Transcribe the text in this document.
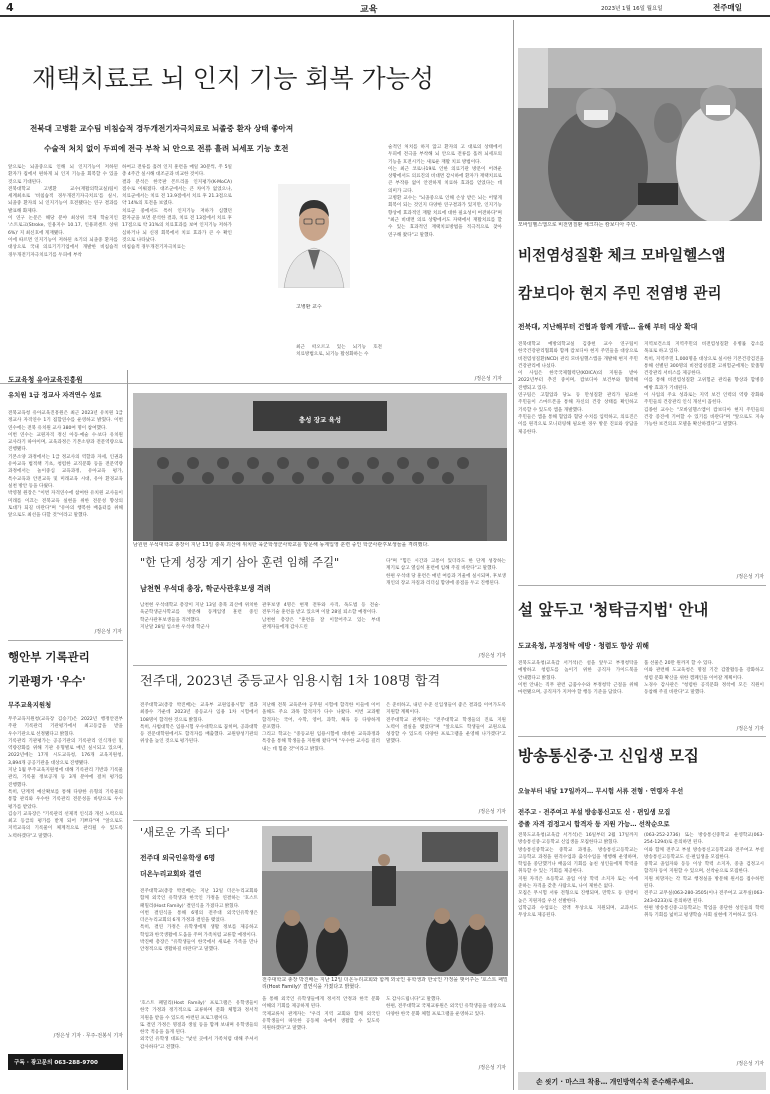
4	교육	2023년 1월 16일 월요일	전주매일
재택치료로 뇌 인지 기능 회복 가능성
전북대 고병환 교수팀 비침습적 경두개전기자극치료로 뇌졸중 환자 상태 좋아져
수술적 처치 없이 두피에 전극 부착 뇌 안으로 전류 흘려 뇌세포 기능 호전
앞으로는 뇌졸중으로 인해 뇌 인지기능이 저하된 환자가 집에서 편하게 뇌 인지 기능을 회복할 수 있을 것으로 기대된다.
전북대학교 고병환 교수(재활의학교실)팀이 세계최초로 '비침습적 경두개전기자극치료'를 실시, 뇌졸중 환자의 뇌 인지기능이 호전됐다는 연구 결과를 발표해 화제다.
이 연구 논문은 해당 분야 최상위 국제 학술지인 '스트로크(Stroke, 인용지수 10.17, 인용퍼센트 상위 6%)' 지 최신호에 게재됐다.
이에 따르면 인지기능이 저하된 초기의 뇌졸중 환자를 대상으로 국내 의료기기기업에서 개발한 비침습적 경두개전기자극치료기를 두피에 부착
하여고 전류를 흘려 인지 훈련을 매일 30분씩, 주 5일 총 4주간 실시해 대조군과 비교한 것이다.
결과 분석은 한국판 몬트리올 인지평가(K-MoCA) 점수로 이뤄졌다. 대조군에서는 큰 차이가 없었으나, 치료군에서는 치료 전 13.9점에서 치료 후 21.3점으로 약 14%의 호전을 보였다.
치료군 중에서도 특히 인지기능 저하가 심했던 환자군을 보면 분석한 결과, 치료 전 13점에서 치료 후 17점으로 약 31%의 치료효과를 보여 인지기능 저하가 심하거나 뇌 신경 회복에서 치료 효과가 큰 수 확인 것으로 나타났다.
비침습적 경두개전기자극치료는
고병환 교수
최근 떠오르고 있는 뇌기능 호전 치료방법으로, 뇌기능 활성화하는 수
술적인 처치를 하지 않고 환자의 고 대로의 상태에서 두피에 전극을 부착해 뇌 안으로 전류를 흘려 뇌세포의 기능을 호전시키는 새로운 재활 치료 방법이다.
이는 최근 코로나19로 인한 의료기관 방문이 어려운 상황에서도 의료진의 비대면 감시하에 환자가 재택치료로 큰 부작용 없이 안전하게 치료하 효과를 얻었다는 데 의미가 크다.
고병환 교수는 "뇌졸중으로 인해 손상 받은 뇌는 어떻게 회복이 되는 것인지 다양한 연구결과가 있지만, 인지기능 향상에 효과적인 재활 치료에 대한 필요성이 여전하다"며 "최근 비대면 의료 상황에서도 자택에서 재활치료를 할 수 있는 효과적인 재택치료방법을 적극적으로 찾아 연구해 왔다"고 말했다.
/정은성 기자
모바일헬스앱으로 비전염질환 체크하는 캄보디아 주민.
비전염성질환 체크 모바일헬스앱
캄보디아 현지 주민 전염병 관리
전북대, 지난해부터 건협과 함께 개발… 올해 부터 대상 확대
전북대학교 예방의학교실 김종헌 교수 연구팀이 한국건강관리협회와 함께 캄보디아 현지 주민들을 대상으로 비전염성질환(NCD) 관리 모바일헬스앱을 개발해 현지 주민 건강관리에 나섰다.
이 사업은 한국국제협력단(KOICA)의 지원을 받아 2022년부터 추진 중이며, 캄보디아 보건부와 협력해 진행되고 있다.
연구팀은 고혈압과 당뇨 등 만성질환 관리가 필요한 주민들이 스마트폰을 통해 자신의 건강 상태를 확인하고 기록할 수 있도록 앱을 개발했다.
주민들은 앱을 통해 혈압과 혈당 수치를 입력하고, 의료진은 이를 원격으로 모니터링해 필요한 경우 방문 진료와 상담을 제공한다.
지역보건소의 지역주민의 비전염성질환 유병률 감소를 목표로 하고 있다.
특히, 지역주민 1,000명을 대상으로 실시한 기본건강검진을 통해 선별된 300명의 비전염성질환 고위험군에게는 맞춤형 건강관리 서비스를 제공한다.
이를 통해 비전염성질환 고위험군 관리율 향상과 합병증 예방 효과가 기대된다.
이 사업의 주요 성과로는 지역 보건 인력의 역량 강화와 주민들의 건강관리 인식 개선이 꼽힌다.
김종헌 교수는 "모바일헬스앱이 캄보디아 현지 주민들의 건강 증진에 기여할 수 있기를 바란다"며 "앞으로도 지속 가능한 보건의료 모델을 확산하겠다"고 말했다.
/정은성 기자
설 앞두고 '청탁금지법' 안내
도교육청, 부정청탁 예방 · 청렴도 향상 위해
전북도교육청(교육감 서거석)은 설을 앞두고 부정청탁을 예방하고 청렴도를 높이기 위한 공직자 가이드북을 안내했다고 밝혔다.
이번 안내는 직무 관련 금품수수와 부정청탁 근절을 위해 마련됐으며, 공직자가 지켜야 할 행동 기준을 담았다.
품 선물은 20만 원까지 할 수 있다.
이와 관련해 도교육청은 명절 기간 감찰활동을 강화하고 청렴 문화 확산을 위한 캠페인을 이어갈 계획이다.
노경수 감사관은 "청렴한 공직문화 정착에 모든 직원이 동참해 주길 바란다"고 말했다.
/정은성 기자
방송통신중·고 신입생 모집
오늘부터 내달 17일까지… 무시험 서류 전형 · 연령자 우선
전주고 · 전주여고 부설 방송통신고도 신 · 편입생 모집
중졸 자격 검정고시 합격자 등 지원 가능… 선착순으로
전북도교육청(교육감 서거석)은 16일부터 2월 17일까지 방송통신중·고등학교 신입생을 모집한다고 밝혔다.
방송통신중학교는 중학교 과정을, 방송통신고등학교는 고등학교 과정을 원격수업과 출석수업을 병행해 운영하며, 학업을 중단했거나 배움의 기회를 놓친 성인들에게 학력을 취득할 수 있는 기회를 제공한다.
지원 자격은 초등학교 졸업 이상 학력 소지자 또는 이에 준하는 자격을 갖춘 사람으로, 나이 제한은 없다.
모집은 무시험 서류 전형으로 진행되며, 만학도 등 연령이 높은 지원자를 우선 선발한다.
입학금과 수업료는 전액 무상으로 지원되며, 교과서도 무상으로 제공된다.
(063-252-2736) 또는 방송통신중학교 운영학교(063-254-1294)로 문의하면 된다.
이와 함께 전주고 부설 방송통신고등학교와 전주여고 부설 방송통신고등학교도 신·편입생을 모집한다.
중학교 졸업자와 동등 이상 학력 소지자, 중졸 검정고시 합격자 등이 지원할 수 있으며, 선착순으로 모집한다.
지원 희망자는 각 학교 행정실을 방문해 원서를 접수하면 된다.
전주고 교무실(063-280-3505)이나 전주여고 교무실(063-243-0233)로 문의하면 된다.
한편 방송통신중·고등학교는 학업을 중단한 성인들의 학력 취득 기회를 넓히고 평생학습 사회 실현에 기여하고 있다.
/정은성 기자
손 씻기 · 마스크 착용… 개인방역수칙 준수해주세요.
도교육청 유아교육진흥원
유치원 1급 정교사 자격연수 성료
전북교육청 유아교육진흥원은 최근 2023년 유치원 1급 정교사 자격연수 1기 집합연수를 운영하고 밝혔다. 이번 연수에는 전북 유치원 교사 380여 명이 참여했다.
이번 연수는 교원자격 정신 아동·예술 수·보다 유치원 교사라기 따아이며, 교육과정은 기본소양과 전문역량으로 진행됐다.
기본소양 과정에서는 1급 정교사의 역할과 자세, 인권과 유아교육 법적책 기초, 청렴한 교직문화 등을 전문역량 과정에서는 놀이중심 교육과정, 유아교육 평가, 특수교육과 안전교육 및 미래교육 시대, 유아 환경교육 실천 방안 등을 다뤘다.
박영철 원장은 "이번 자격연수에 참여한 유치원 교사들이 미래를 이끄는 전북교육 실현을 위한 전문성 향상의 토대가 되길 바란다"며 "유아의 행복한 배움터를 위해 앞으로도 최선을 다할 것"이라고 말했다.
/정은성 기자
행안부 기록관리
기관평가 '우수'
무주교육지원청
무주교육지원청(교육장 김승기)은 2022년 행정안전부 주관 기록관리 기관평가에서 최고등급을 받을 우수기관으로 선정됐다고 밝혔다.
기록관리 기관평가는 공공기관의 기록관리 인식개선 및 역량강화를 위해 기관 유형별로 매년 실시되고 있으며, 2022년에는 17개 시도교육청, 176개 교육지원청, 3,894개 공공기관을 대상으로 진행됐다.
지난 1월 무주교육지원청에 대해 기록관리 기반과 기록물 관리, 기록물 정보공개 등 3개 분야에 걸쳐 평가를 진행했다.
특히, 단계적 예산확보를 통해 다양한 유형의 기록물의 통합 관리와 우수한 기록관리 전문성을 바탕으로 우수 평가를 받았다.
김승기 교육장은 "기록관리 선제적 인식과 개선 노력으로 최고 등급의 평가를 받게 되어 기쁘다"며 "앞으로도 지역교육의 기록물이 체계적으로 관리될 수 있도록 노력하겠다"고 말했다.
/정은성 기자 · 무주-전봉식 기자
구독 · 광고문의 063-288-9700
충성 장교 육성
남원현 우석대학교 총장이 지난 13일 충북 괴산에 위치한 육군학생군사학교를 방문해 동계입영 훈련 중인 학군사관후보생들을 격려했다.
"한 단계 성장 계기 삼아 훈련 임해 주길"
남천현 우석대 총장, 학군사관후보생 격려
남천현 우석대학교 총장이 지난 13일 충북 괴산에 위치한 육군학생군사학교를 방문해 동계입영 훈련 중인 학군사관후보생들을 격려했다.
지난달 28일 입소한 우석대 학군사
관후보생 4명은 현재 전투와 사격, 독도법 등 전술·전투기술 훈련을 받고 있으며 이달 28일 퇴소할 예정이다.
남천현 총장은 "훈련을 잘 이끌어주고 있는 부대 관계자들에게 감사드린
다"며 "힘든 시간과 고통이 있더라도 한 단계 성장하는 계기로 삼고 열심히 훈련에 임해 주길 바란다"고 말했다.
한편 우석대 당 훈련은 매년 여름과 겨울에 실시되며, 후보생 개인의 장교 자질과 리더십 함양에 중점을 두고 진행된다.
/정은성 기자
전주대, 2023년 중등교사 임용시험 1차 108명 합격
전주대학교(총장 박진배)는 교육부 교원임용시험' 결과 최종수 가운데 2023년 중등교사 임용 1차 시험에서 108명이 합격한 것으로 밝혔다.
특히, 사범대학은 임용시험 우수대학으로 꼽히며, 공과대학 등 전문대학원에서도 합격자를 배출했다. 교원양성기관의 위상을 높인 것으로 평가된다.
지난해 전북 교육분야 공무원 시험에 합격한 이들에 이어 올해도 주요 과목 합격자가 다수 나왔다. 이번 교과별 합격자는 국어, 수학, 영어, 과학, 체육 등 다양하게 분포했다.
그리고 학교는 "중등교원 임용시험에 대비한 교육과정과 특강을 통해 학생들을 지원해 왔다"며 "우수한 교사를 길러 내는 데 힘쓸 것"이라고 밝혔다.
은 준비하고, 내년 수준 신입생들이 좋은 결과를 이어가도록 지원할 계획이다.
전주대학교 관계자는 "전주대학교 학생들의 진로 지원 노력이 결실을 맺었다"며 "앞으로도 학생들이 교원으로 성장할 수 있도록 다양한 프로그램을 운영해 나가겠다"고 말했다.
/정은성 기자
'새로운 가족 되다'
전주대 외국인유학생 6명
더온누리교회와 결연
전주대학교(총장 박진배)는 지난 12일 더온누리교회와 함께 외국인 유학생과 한국인 가정을 연결하는 '호스트 패밀리(Host Family)' 결연식을 가졌다고 밝혔다.
이번 결연식을 통해 6명의 전주대 외국인유학생은 더온누리교회의 6개 가정과 결연을 맺었다.
특히, 결연 가정은 유학생에게 생활 정보를 제공하고 학업과 한국생활에 도움을 주며 가족처럼 교류할 예정이다.
박진배 총장은 "유학생들이 한국에서 새로운 가족을 만나 안정적으로 생활하길 바란다"고 말했다.
전주대학교 총장 박진배는 지난 12일 더온누리교회와 함께 외국인 유학생과 한국인 가정을 맺어주는 '호스트 패밀리(Host Family)' 결연식을 가졌다고 밝혔다.
'호스트 패밀리(Host Family)' 프로그램은 유학생들이 한국 가정과 정기적으로 교류하며 문화 체험과 정서적 지원을 받을 수 있도록 마련된 프로그램이다.
또 결연 가정은 명절과 생일 등을 함께 보내며 유학생들의 한국 적응을 돕게 된다.
외국인 유학생 대표는 "낯선 곳에서 가족처럼 대해 주셔서 감사하다"고 전했다.
을 통해 외국인 유학생들에게 정서적 안정과 한국 문화 이해의 기회를 제공하게 된다.
국제교류처 관계자는 "우리 지역 교회와 함께 외국인 유학생들이 따뜻한 공동체 속에서 생활할 수 있도록 지원하겠다"고 말했다.
도 감사드립니다"고 말했다.
한편, 전주대학교 국제교류원은 외국인 유학생들을 대상으로 다양한 한국 문화 체험 프로그램을 운영하고 있다.
/정은성 기자
